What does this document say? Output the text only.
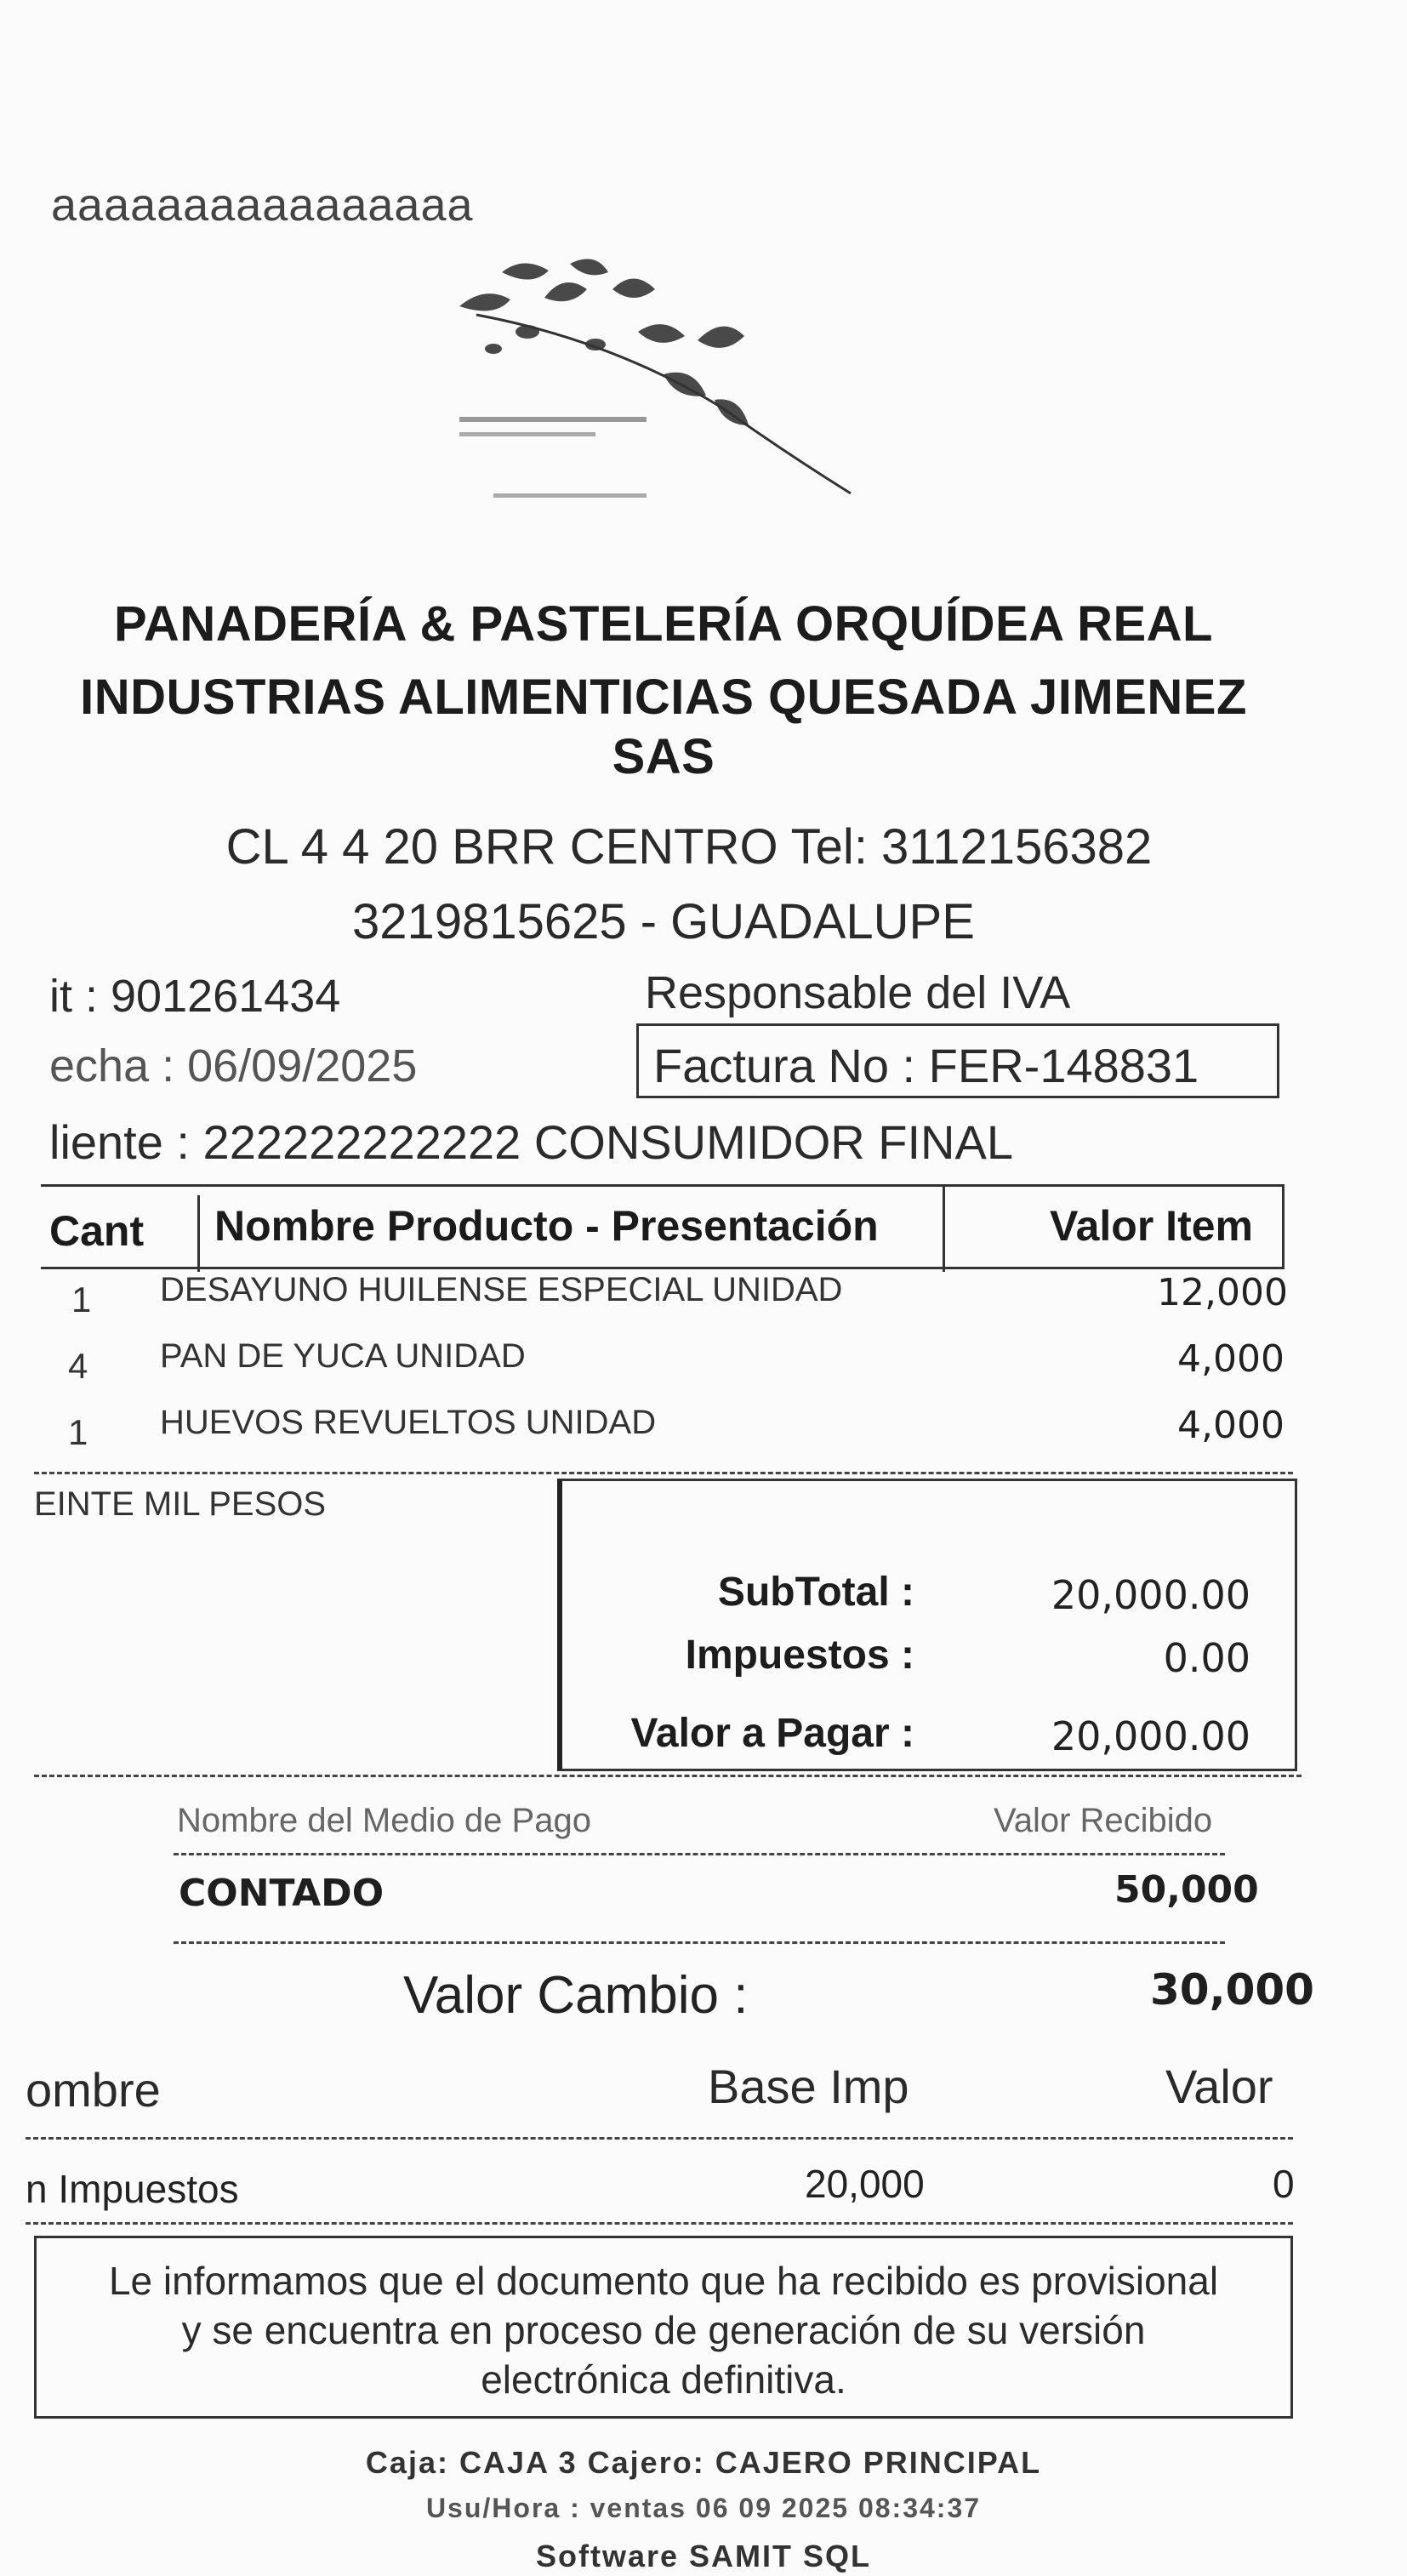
aaaaaaaaaaaaaaaa
PANADERÍA & PASTELERÍA ORQUÍDEA REAL
INDUSTRIAS ALIMENTICIAS QUESADA JIMENEZ
SAS
CL 4 4 20 BRR CENTRO Tel: 3112156382
3219815625 - GUADALUPE
it : 901261434	Responsable del IVA
echa : 06/09/2025	Factura No : FER-148831
liente : 222222222222 CONSUMIDOR FINAL
Cant Nombre Producto - Presentación	Valor Item
1 DESAYUNO HUILENSE ESPECIAL UNIDAD	12,000
4 PAN DE YUCA UNIDAD	4,000
1 HUEVOS REVUELTOS UNIDAD	4,000
EINTE MIL PESOS
SubTotal :	20,000.00
Impuestos :	0.00
Valor a Pagar :	20,000.00
Nombre del Medio de Pago	Valor Recibido
CONTADO	50,000
Valor Cambio :	30,000
ombre	Base Imp	Valor
n Impuestos	20,000	0
Le informamos que el documento que ha recibido es provisional
y se encuentra en proceso de generación de su versión
electrónica definitiva.
Caja: CAJA 3 Cajero: CAJERO PRINCIPAL
Usu/Hora : ventas 06 09 2025 08:34:37
Software SAMIT SQL
